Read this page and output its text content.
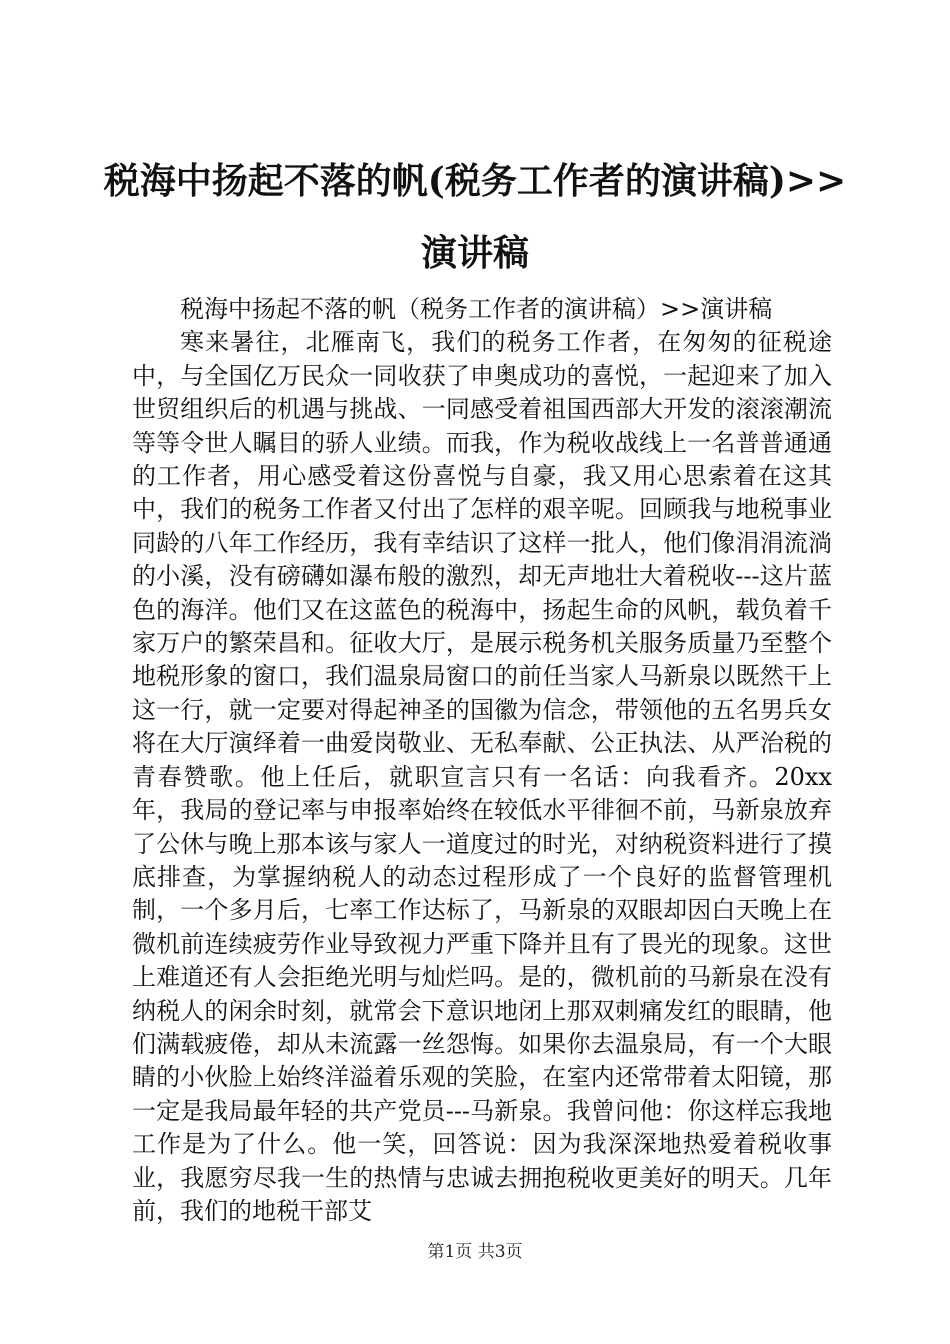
税海中扬起不落的帆(税务工作者的演讲稿)>>演讲稿

税海中扬起不落的帆（税务工作者的演讲稿）>>演讲稿

寒来暑往，北雁南飞，我们的税务工作者，在匆匆的征税途中，与全国亿万民众一同收获了申奥成功的喜悦，一起迎来了加入世贸组织后的机遇与挑战、一同感受着祖国西部大开发的滚滚潮流等等令世人瞩目的骄人业绩。而我，作为税收战线上一名普普通通的工作者，用心感受着这份喜悦与自豪，我又用心思索着在这其中，我们的税务工作者又付出了怎样的艰辛呢。回顾我与地税事业同龄的八年工作经历，我有幸结识了这样一批人，他们像涓涓流淌的小溪，没有磅礴如瀑布般的激烈，却无声地壮大着税收---这片蓝色的海洋。他们又在这蓝色的税海中，扬起生命的风帆，载负着千家万户的繁荣昌和。征收大厅，是展示税务机关服务质量乃至整个地税形象的窗口，我们温泉局窗口的前任当家人马新泉以既然干上这一行，就一定要对得起神圣的国徽为信念，带领他的五名男兵女将在大厅演绎着一曲爱岗敬业、无私奉献、公正执法、从严治税的青春赞歌。他上任后，就职宣言只有一名话：向我看齐。20xx年，我局的登记率与申报率始终在较低水平徘徊不前，马新泉放弃了公休与晚上那本该与家人一道度过的时光，对纳税资料进行了摸底排查，为掌握纳税人的动态过程形成了一个良好的监督管理机制，一个多月后，七率工作达标了，马新泉的双眼却因白天晚上在微机前连续疲劳作业导致视力严重下降并且有了畏光的现象。这世上难道还有人会拒绝光明与灿烂吗。是的，微机前的马新泉在没有纳税人的闲余时刻，就常会下意识地闭上那双刺痛发红的眼睛，他们满载疲倦，却从未流露一丝怨悔。如果你去温泉局，有一个大眼睛的小伙脸上始终洋溢着乐观的笑脸，在室内还常带着太阳镜，那一定是我局最年轻的共产党员---马新泉。我曾问他：你这样忘我地工作是为了什么。他一笑，回答说：因为我深深地热爱着税收事业，我愿穷尽我一生的热情与忠诚去拥抱税收更美好的明天。几年前，我们的地税干部艾

第1页 共3页
